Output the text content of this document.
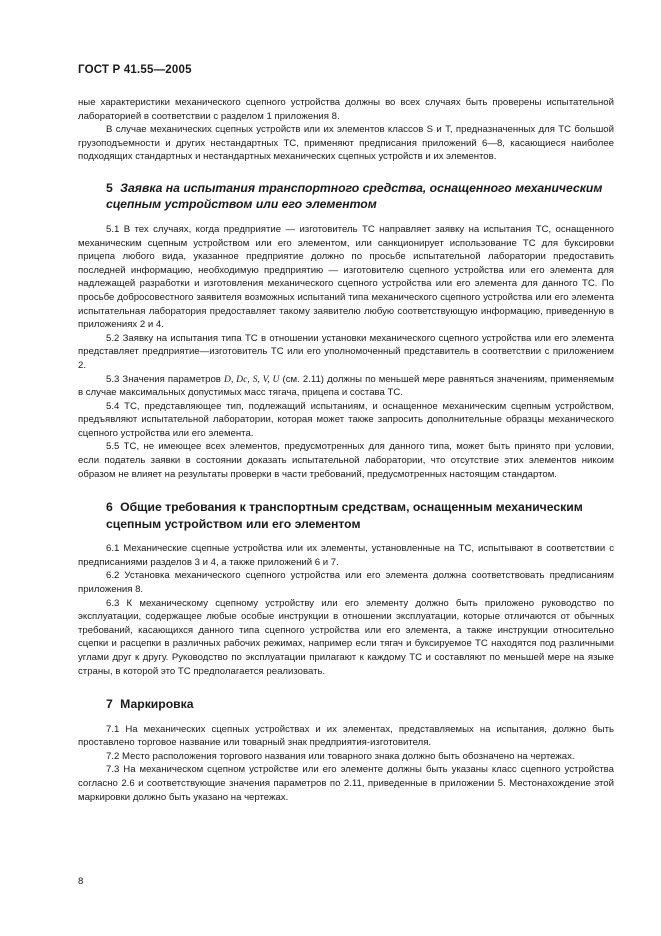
ГОСТ Р 41.55—2005

ные характеристики механического сцепного устройства должны во всех случаях быть проверены испытательной лабораторией в соответствии с разделом 1 приложения 8.

В случае механических сцепных устройств или их элементов классов S и T, предназначенных для ТС большой грузоподъемности и других нестандартных ТС, применяют предписания приложений 6—8, касающиеся наиболее подходящих стандартных и нестандартных механических сцепных устройств и их элементов.

5 Заявка на испытания транспортного средства, оснащенного механическим сцепным устройством или его элементом

5.1 В тех случаях, когда предприятие — изготовитель ТС направляет заявку на испытания ТС, оснащенного механическим сцепным устройством или его элементом, или санкционирует использование ТС для буксировки прицепа любого вида, указанное предприятие должно по просьбе испытательной лаборатории предоставить последней информацию, необходимую предприятию — изготовителю сцепного устройства или его элемента для надлежащей разработки и изготовления механического сцепного устройства или его элемента для данного ТС. По просьбе добросовестного заявителя возможных испытаний типа механического сцепного устройства или его элемента испытательная лаборатория предоставляет такому заявителю любую соответствующую информацию, приведенную в приложениях 2 и 4.

5.2 Заявку на испытания типа ТС в отношении установки механического сцепного устройства или его элемента представляет предприятие—изготовитель ТС или его уполномоченный представитель в соответствии с приложением 2.

5.3 Значения параметров D, Dc, S, V, U (см. 2.11) должны по меньшей мере равняться значениям, применяемым в случае максимальных допустимых масс тягача, прицепа и состава ТС.

5.4 ТС, представляющее тип, подлежащий испытаниям, и оснащенное механическим сцепным устройством, предъявляют испытательной лаборатории, которая может также запросить дополнительные образцы механического сцепного устройства или его элемента.

5.5 ТС, не имеющее всех элементов, предусмотренных для данного типа, может быть принято при условии, если податель заявки в состоянии доказать испытательной лаборатории, что отсутствие этих элементов никоим образом не влияет на результаты проверки в части требований, предусмотренных настоящим стандартом.

6 Общие требования к транспортным средствам, оснащенным механическим сцепным устройством или его элементом

6.1 Механические сцепные устройства или их элементы, установленные на ТС, испытывают в соответствии с предписаниями разделов 3 и 4, а также приложений 6 и 7.

6.2 Установка механического сцепного устройства или его элемента должна соответствовать предписаниям приложения 8.

6.3 К механическому сцепному устройству или его элементу должно быть приложено руководство по эксплуатации, содержащее любые особые инструкции в отношении эксплуатации, которые отличаются от обычных требований, касающихся данного типа сцепного устройства или его элемента, а также инструкции относительно сцепки и расцепки в различных рабочих режимах, например если тягач и буксируемое ТС находятся под различными углами друг к другу. Руководство по эксплуатации прилагают к каждому ТС и составляют по меньшей мере на языке страны, в которой это ТС предполагается реализовать.

7 Маркировка

7.1 На механических сцепных устройствах и их элементах, представляемых на испытания, должно быть проставлено торговое название или товарный знак предприятия-изготовителя.

7.2 Место расположения торгового названия или товарного знака должно быть обозначено на чертежах.

7.3 На механическом сцепном устройстве или его элементе должны быть указаны класс сцепного устройства согласно 2.6 и соответствующие значения параметров по 2.11, приведенные в приложении 5. Местонахождение этой маркировки должно быть указано на чертежах.

8
